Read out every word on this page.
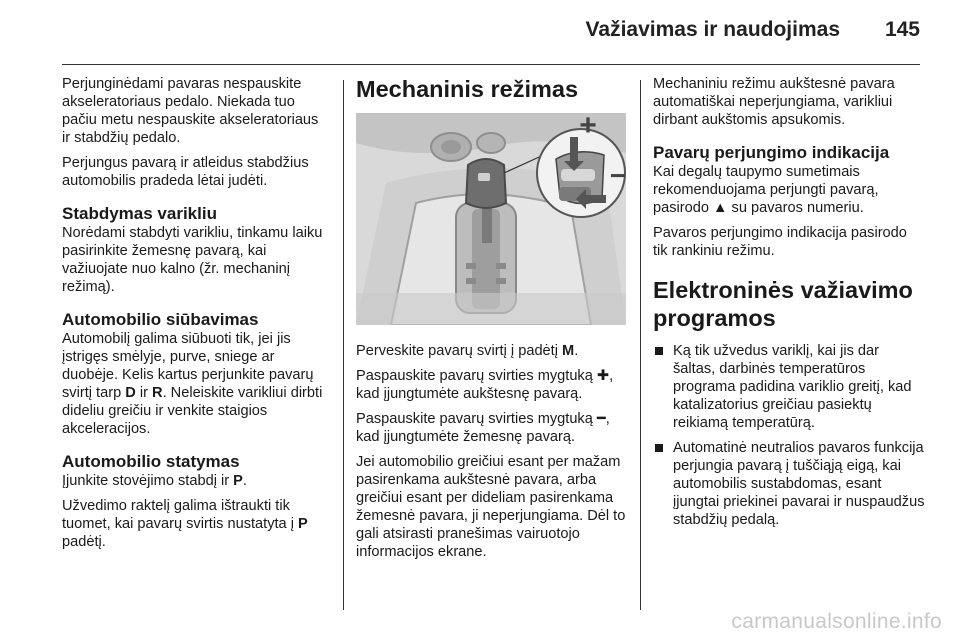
Važiavimas ir naudojimas 145

Perjunginėdami pavaras nespauskite akseleratoriaus pedalo. Niekada tuo pačiu metu nespauskite akseleratoriaus ir stabdžių pedalo.

Perjungus pavarą ir atleidus stabdžius automobilis pradeda lėtai judėti.

Stabdymas varikliu

Norėdami stabdyti varikliu, tinkamu laiku pasirinkite žemesnę pavarą, kai važiuojate nuo kalno (žr. mechaninį režimą).

Automobilio siūbavimas

Automobilį galima siūbuoti tik, jei jis įstrigęs smėlyje, purve, sniege ar duobėje. Kelis kartus perjunkite pavarų svirtį tarp D ir R. Neleiskite varikliui dirbti dideliu greičiu ir venkite staigios akceleracijos.

Automobilio statymas

Įjunkite stovėjimo stabdį ir P.

Užvedimo raktelį galima ištraukti tik tuomet, kai pavarų svirtis nustatyta į P padėtį.

Mechaninis režimas
+
−

Perveskite pavarų svirtį į padėtį M.

Paspauskite pavarų svirties mygtuką ✚, kad įjungtumėte aukštesnę pavarą.

Paspauskite pavarų svirties mygtuką ━, kad įjungtumėte žemesnę pavarą.

Jei automobilio greičiui esant per mažam pasirenkama aukštesnė pavara, arba greičiui esant per dideliam pasirenkama žemesnė pavara, ji neperjungiama. Dėl to gali atsirasti pranešimas vairuotojo informacijos ekrane.

Mechaniniu režimu aukštesnė pavara automatiškai neperjungiama, varikliui dirbant aukštomis apsukomis.

Pavarų perjungimo indikacija

Kai degalų taupymo sumetimais rekomenduojama perjungti pavarą, pasirodo ▲ su pavaros numeriu.

Pavaros perjungimo indikacija pasirodo tik rankiniu režimu.

Elektroninės važiavimo programos
Ką tik užvedus variklį, kai jis dar šaltas, darbinės temperatūros programa padidina variklio greitį, kad katalizatorius greičiau pasiektų reikiamą temperatūrą.
Automatinė neutralios pavaros funkcija perjungia pavarą į tuščiąją eigą, kai automobilis sustabdomas, esant įjungtai priekinei pavarai ir nuspaudžus stabdžių pedalą.
carmanualsonline.info
